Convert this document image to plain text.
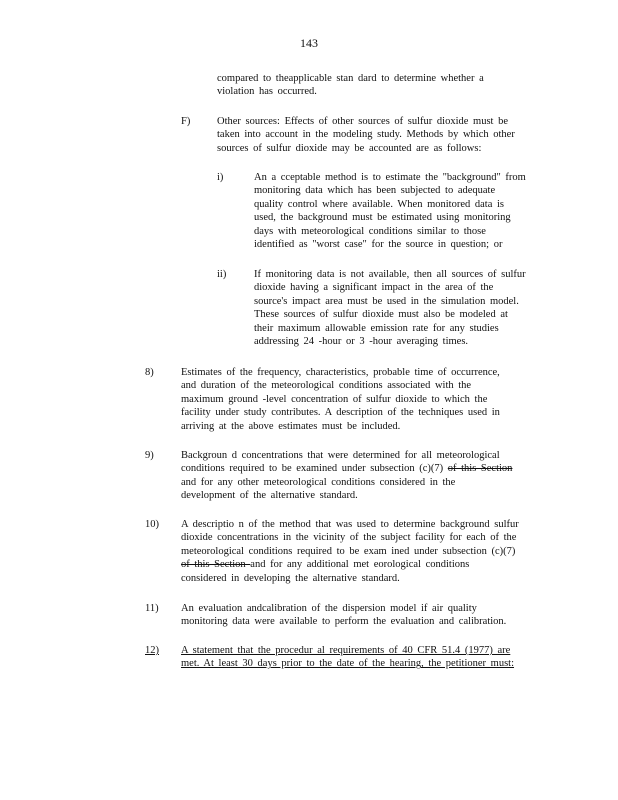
143
compared to theapplicable stan dard to determine whether a
violation has occurred.
F)	Other sources: Effects of other sources of sulfur dioxide must be
taken into account in the modeling study. Methods by which other
sources of sulfur dioxide may be accounted are as follows:
i)	An a cceptable method is to estimate the "background" from
monitoring data which has been subjected to adequate
quality control where available. When monitored data is
used, the background must be estimated using monitoring
days with meteorological conditions similar to those
identified as "worst case" for the source in question; or
ii)	If monitoring data is not available, then all sources of sulfur
dioxide having a significant impact in the area of the
source's impact area must be used in the simulation model.
These sources of sulfur dioxide must also be modeled at
their maximum allowable emission rate for any studies
addressing 24 -hour or 3 -hour averaging times.
8)	Estimates of the frequency, characteristics, probable time of occurrence,
and duration of the meteorological conditions associated with the
maximum ground -level concentration of sulfur dioxide to which the
facility under study contributes. A description of the techniques used in
arriving at the above estimates must be included.
9)	Backgroun d concentrations that were determined for all meteorological
conditions required to be examined under subsection (c)(7) of this Section
and for any other meteorological conditions considered in the
development of the alternative standard.
10) A descriptio n of the method that was used to determine background sulfur
dioxide concentrations in the vicinity of the subject facility for each of the
meteorological conditions required to be exam ined under subsection (c)(7)
of this Section and for any additional met eorological conditions
considered in developing the alternative standard.
11) An evaluation andcalibration of the dispersion model if air quality
monitoring data were available to perform the evaluation and calibration.
12) A statement that the procedur al requirements of 40 CFR 51.4 (1977) are
met. At least 30 days prior to the date of the hearing, the petitioner must:
